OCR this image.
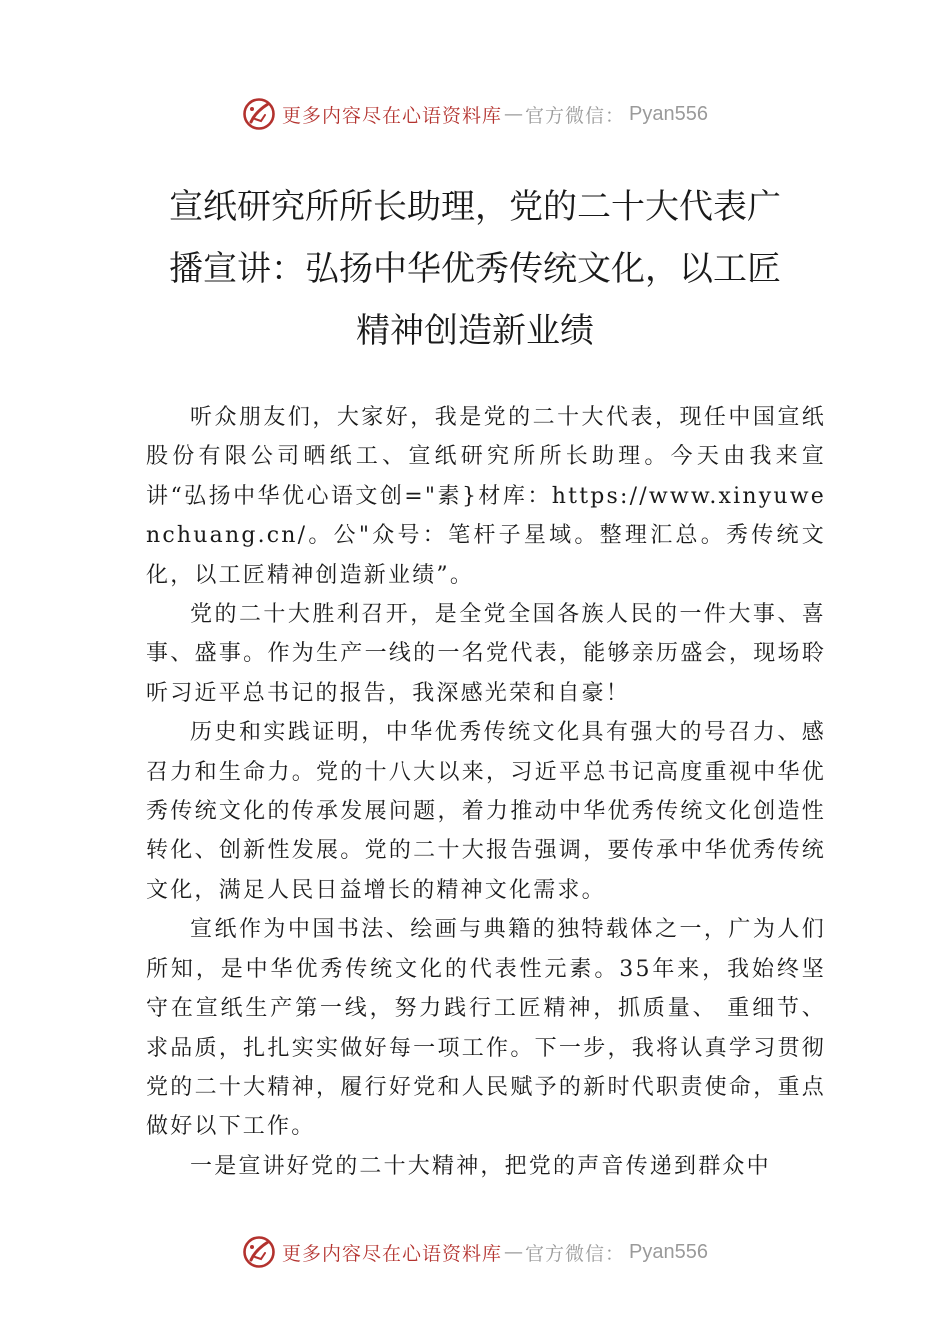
更多内容尽在心语资料库 — 官方微信： Pyan556
宣纸研究所所长助理，党的二十大代表广
播宣讲：弘扬中华优秀传统文化，以工匠
精神创造新业绩

听众朋友们，大家好，我是党的二十大代表，现任中国宣纸股份有限公司晒纸工、宣纸研究所所长助理。今天由我来宣讲“弘扬中华优心语文创="素}材库：https://www.xinyuwenchuang.cn/。公"众号：笔杆子星域。整理汇总。秀传统文化，以工匠精神创造新业绩”。

党的二十大胜利召开，是全党全国各族人民的一件大事、喜事、盛事。作为生产一线的一名党代表，能够亲历盛会，现场聆听习近平总书记的报告，我深感光荣和自豪！

历史和实践证明，中华优秀传统文化具有强大的号召力、感召力和生命力。党的十八大以来，习近平总书记高度重视中华优秀传统文化的传承发展问题，着力推动中华优秀传统文化创造性转化、创新性发展。党的二十大报告强调，要传承中华优秀传统文化，满足人民日益增长的精神文化需求。

宣纸作为中国书法、绘画与典籍的独特载体之一，广为人们所知，是中华优秀传统文化的代表性元素。35年来，我始终坚守在宣纸生产第一线，努力践行工匠精神，抓质量、 重细节、求品质，扎扎实实做好每一项工作。下一步，我将认真学习贯彻党的二十大精神，履行好党和人民赋予的新时代职责使命，重点做好以下工作。

一是宣讲好党的二十大精神，把党的声音传递到群众中

更多内容尽在心语资料库 — 官方微信： Pyan556
